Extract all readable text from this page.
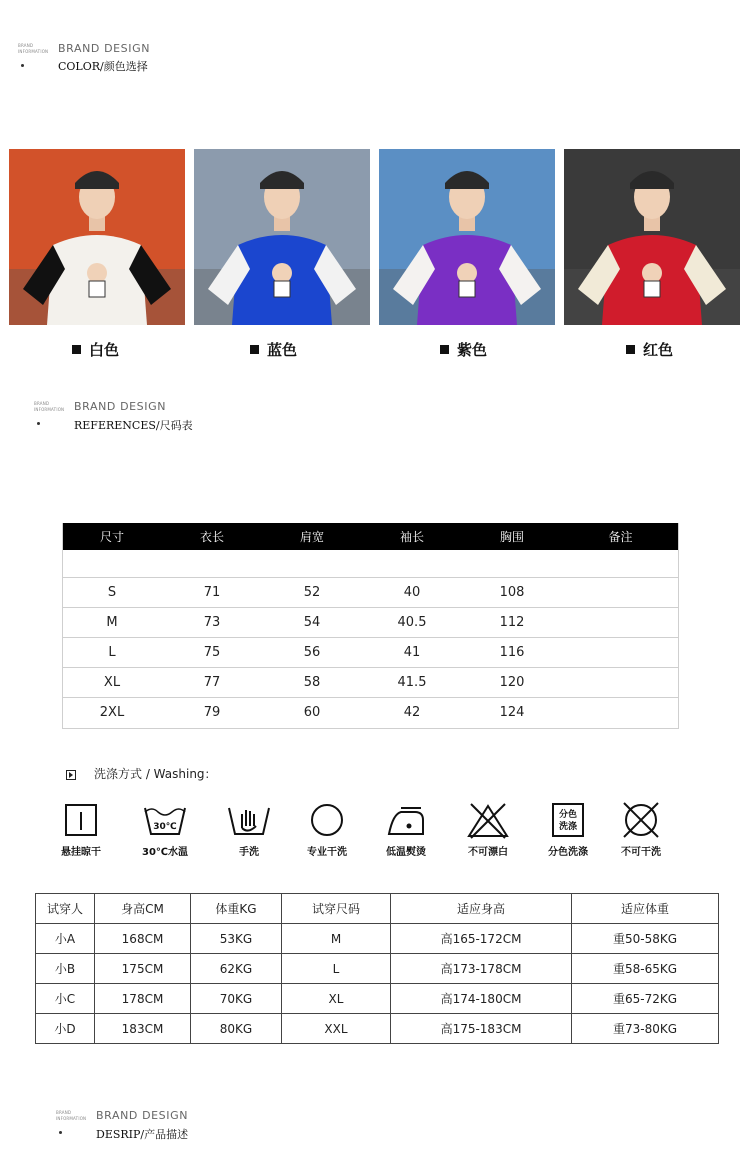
BRAND INFORMATION BRAND DESIGN
COLOR/颜色选择
白色	蓝色	紫色	红色
BRAND INFORMATION BRAND DESIGN
REFERENCES/尺码表
尺寸	衣长	肩宽	袖长	胸围	备注

S	71	52	40	108	
M	73	54	40.5	112	
L	75	56	41	116	
XL	77	58	41.5	120	
2XL	79	60	42	124	
洗涤方式 / Washing：
悬挂晾干
30℃
30℃水温	手洗	专业干洗	低温熨烫	不可漂白
分色
洗涤
分色洗涤	不可干洗
试穿人	身高CM	体重KG	试穿尺码	适应身高	适应体重
小A	168CM	53KG	M	高165-172CM	重50-58KG
小B	175CM	62KG	L	高173-178CM	重58-65KG
小C	178CM	70KG	XL	高174-180CM	重65-72KG
小D	183CM	80KG	XXL	高175-183CM	重73-80KG
BRAND INFORMATION BRAND DESIGN
DESRIP/产品描述
